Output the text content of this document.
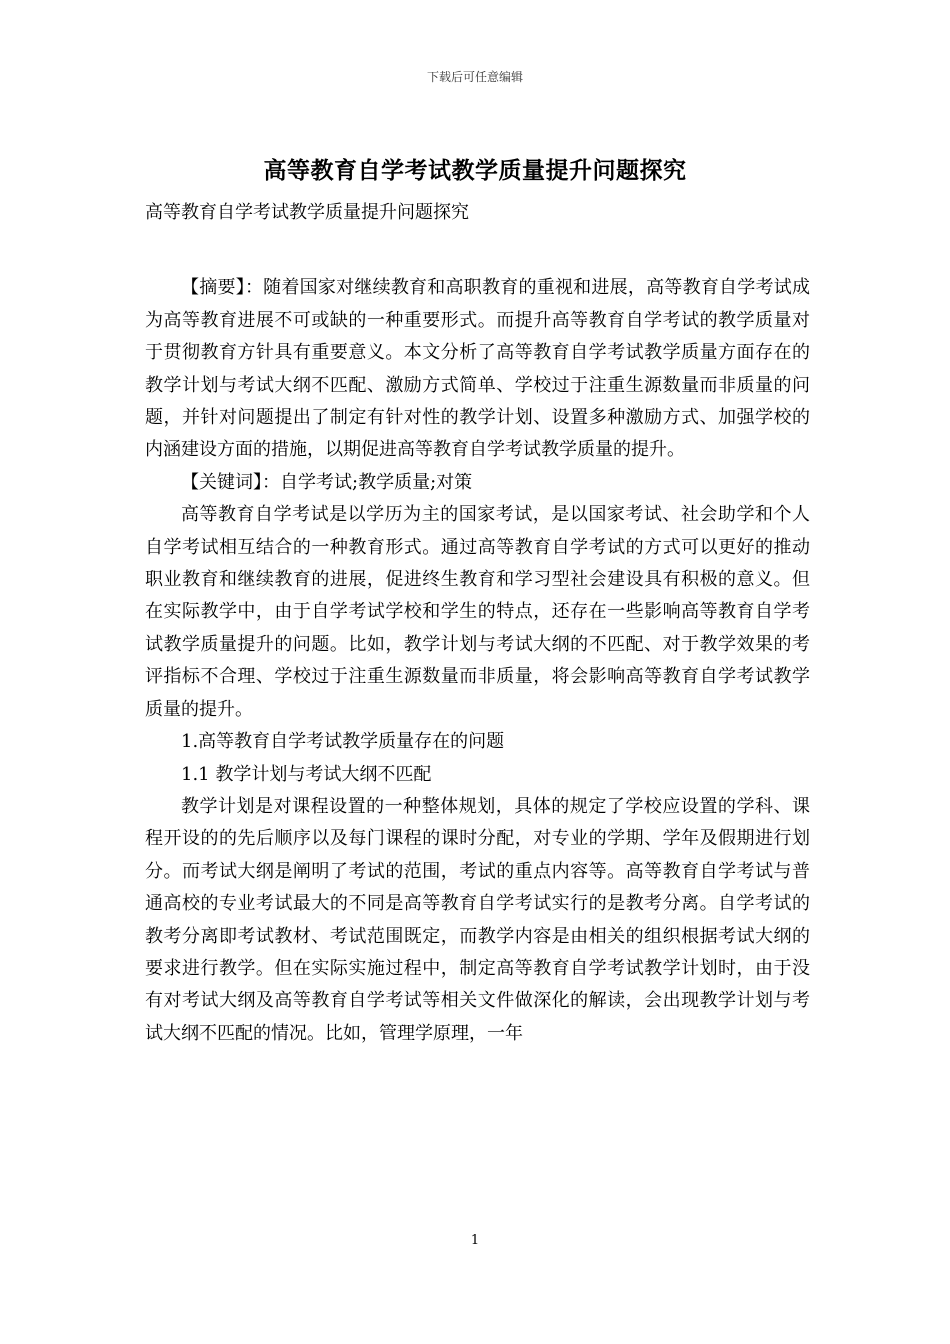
下载后可任意编辑
高等教育自学考试教学质量提升问题探究

高等教育自学考试教学质量提升问题探究

【摘要】：随着国家对继续教育和高职教育的重视和进展，高等教育自学考试成为高等教育进展不可或缺的一种重要形式。而提升高等教育自学考试的教学质量对于贯彻教育方针具有重要意义。本文分析了高等教育自学考试教学质量方面存在的教学计划与考试大纲不匹配、激励方式简单、学校过于注重生源数量而非质量的问题，并针对问题提出了制定有针对性的教学计划、设置多种激励方式、加强学校的内涵建设方面的措施，以期促进高等教育自学考试教学质量的提升。

【关键词】：自学考试;教学质量;对策

高等教育自学考试是以学历为主的国家考试，是以国家考试、社会助学和个人自学考试相互结合的一种教育形式。通过高等教育自学考试的方式可以更好的推动职业教育和继续教育的进展，促进终生教育和学习型社会建设具有积极的意义。但在实际教学中，由于自学考试学校和学生的特点，还存在一些影响高等教育自学考试教学质量提升的问题。比如，教学计划与考试大纲的不匹配、对于教学效果的考评指标不合理、学校过于注重生源数量而非质量，将会影响高等教育自学考试教学质量的提升。

1.高等教育自学考试教学质量存在的问题

1.1 教学计划与考试大纲不匹配

教学计划是对课程设置的一种整体规划，具体的规定了学校应设置的学科、课程开设的的先后顺序以及每门课程的课时分配，对专业的学期、学年及假期进行划分。而考试大纲是阐明了考试的范围，考试的重点内容等。高等教育自学考试与普通高校的专业考试最大的不同是高等教育自学考试实行的是教考分离。自学考试的教考分离即考试教材、考试范围既定，而教学内容是由相关的组织根据考试大纲的要求进行教学。但在实际实施过程中，制定高等教育自学考试教学计划时，由于没有对考试大纲及高等教育自学考试等相关文件做深化的解读，会出现教学计划与考试大纲不匹配的情况。比如，管理学原理，一年

1
